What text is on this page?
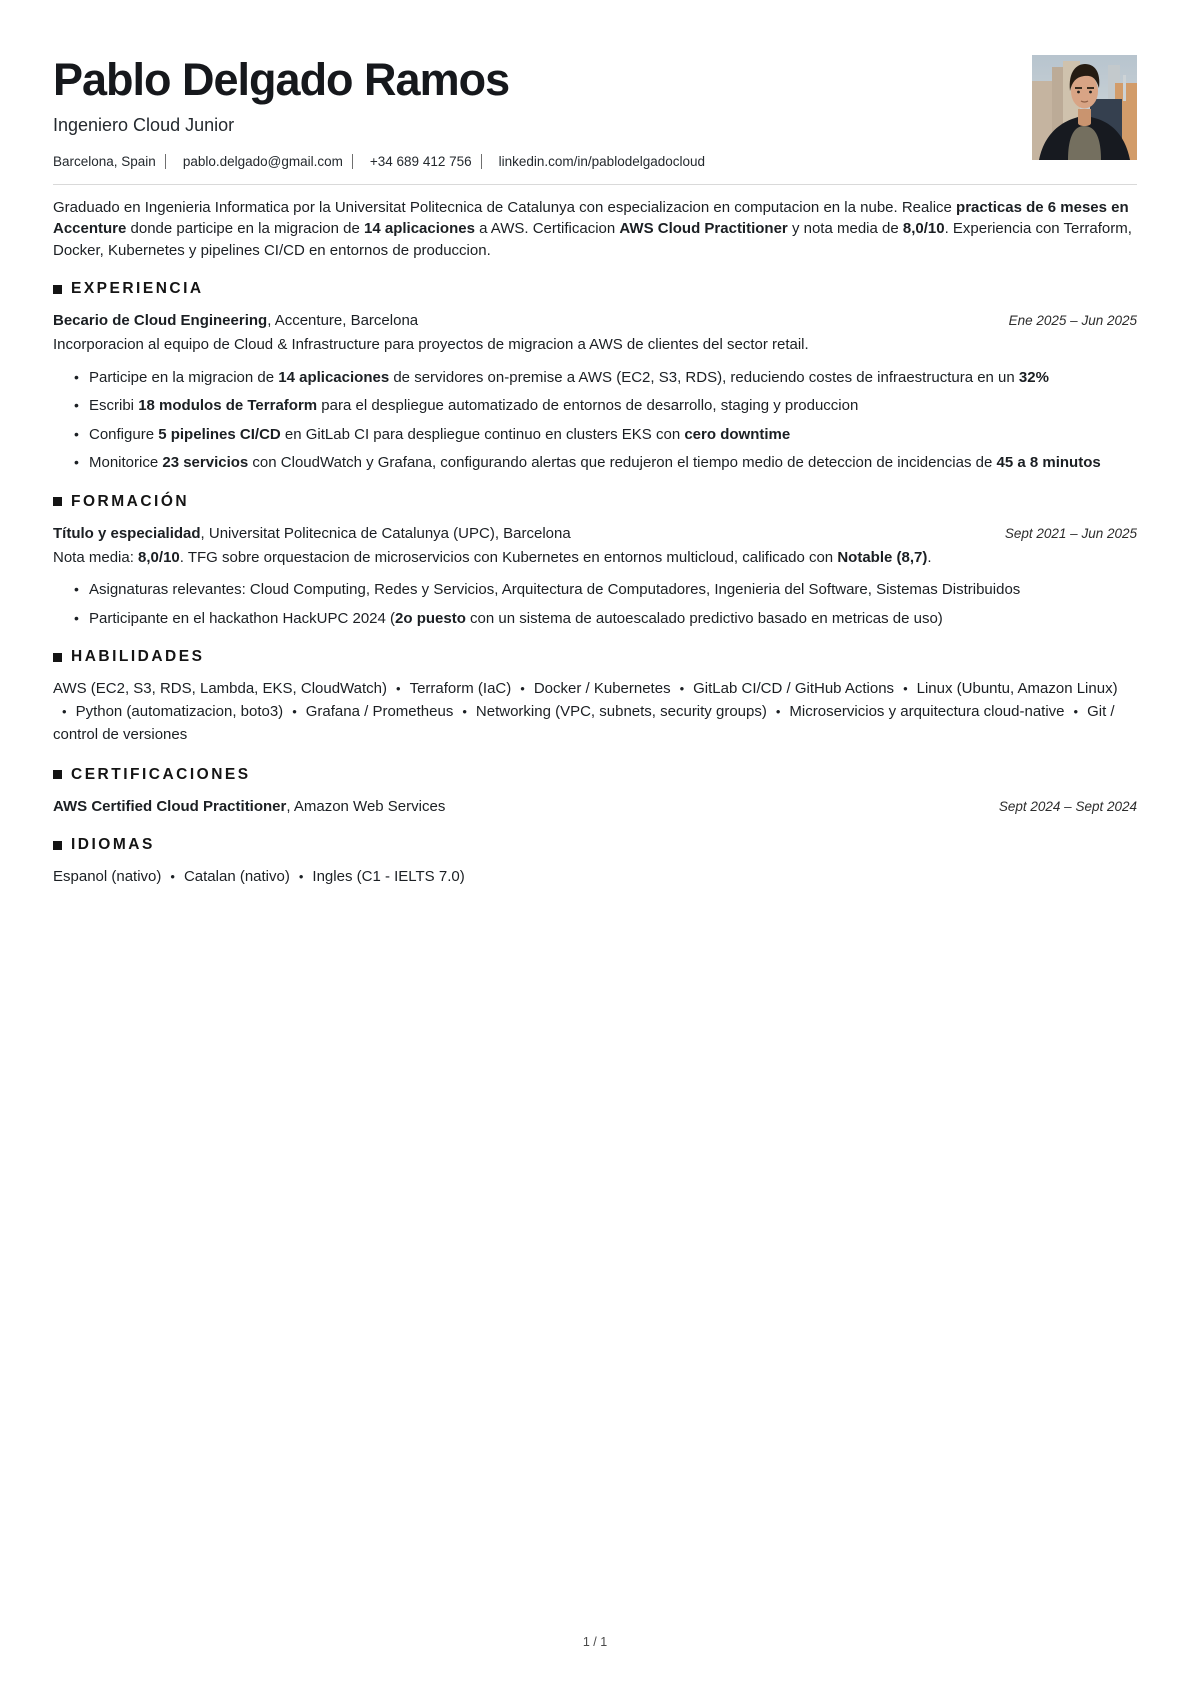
Pablo Delgado Ramos
Ingeniero Cloud Junior
Barcelona, Spain pablo.delgado@gmail.com +34 689 412 756 linkedin.com/in/pablodelgadocloud

Graduado en Ingenieria Informatica por la Universitat Politecnica de Catalunya con especializacion en computacion en la nube. Realice practicas de 6 meses en Accenture donde participe en la migracion de 14 aplicaciones a AWS. Certificacion AWS Cloud Practitioner y nota media de 8,0/10. Experiencia con Terraform, Docker, Kubernetes y pipelines CI/CD en entornos de produccion.

EXPERIENCIA
Becario de Cloud Engineering, Accenture, Barcelona	Ene 2025 – Jun 2025
Incorporacion al equipo de Cloud & Infrastructure para proyectos de migracion a AWS de clientes del sector retail.
• Participe en la migracion de 14 aplicaciones de servidores on-premise a AWS (EC2, S3, RDS), reduciendo costes de infraestructura en un 32%
• Escribi 18 modulos de Terraform para el despliegue automatizado de entornos de desarrollo, staging y produccion
• Configure 5 pipelines CI/CD en GitLab CI para despliegue continuo en clusters EKS con cero downtime
• Monitorice 23 servicios con CloudWatch y Grafana, configurando alertas que redujeron el tiempo medio de deteccion de incidencias de 45 a 8 minutos
FORMACIÓN
Título y especialidad, Universitat Politecnica de Catalunya (UPC), Barcelona	Sept 2021 – Jun 2025
Nota media: 8,0/10. TFG sobre orquestacion de microservicios con Kubernetes en entornos multicloud, calificado con Notable (8,7).
• Asignaturas relevantes: Cloud Computing, Redes y Servicios, Arquitectura de Computadores, Ingenieria del Software, Sistemas Distribuidos
• Participante en el hackathon HackUPC 2024 (2o puesto con un sistema de autoescalado predictivo basado en metricas de uso)
HABILIDADES

AWS (EC2, S3, RDS, Lambda, EKS, CloudWatch) • Terraform (IaC) • Docker / Kubernetes • GitLab CI/CD / GitHub Actions • Linux (Ubuntu, Amazon Linux)• Python (automatizacion, boto3) • Grafana / Prometheus • Networking (VPC, subnets, security groups) • Microservicios y arquitectura cloud-native • Git / control de versiones

CERTIFICACIONES
AWS Certified Cloud Practitioner, Amazon Web Services	Sept 2024 – Sept 2024
IDIOMAS

Espanol (nativo) • Catalan (nativo) • Ingles (C1 - IELTS 7.0)

1 / 1
